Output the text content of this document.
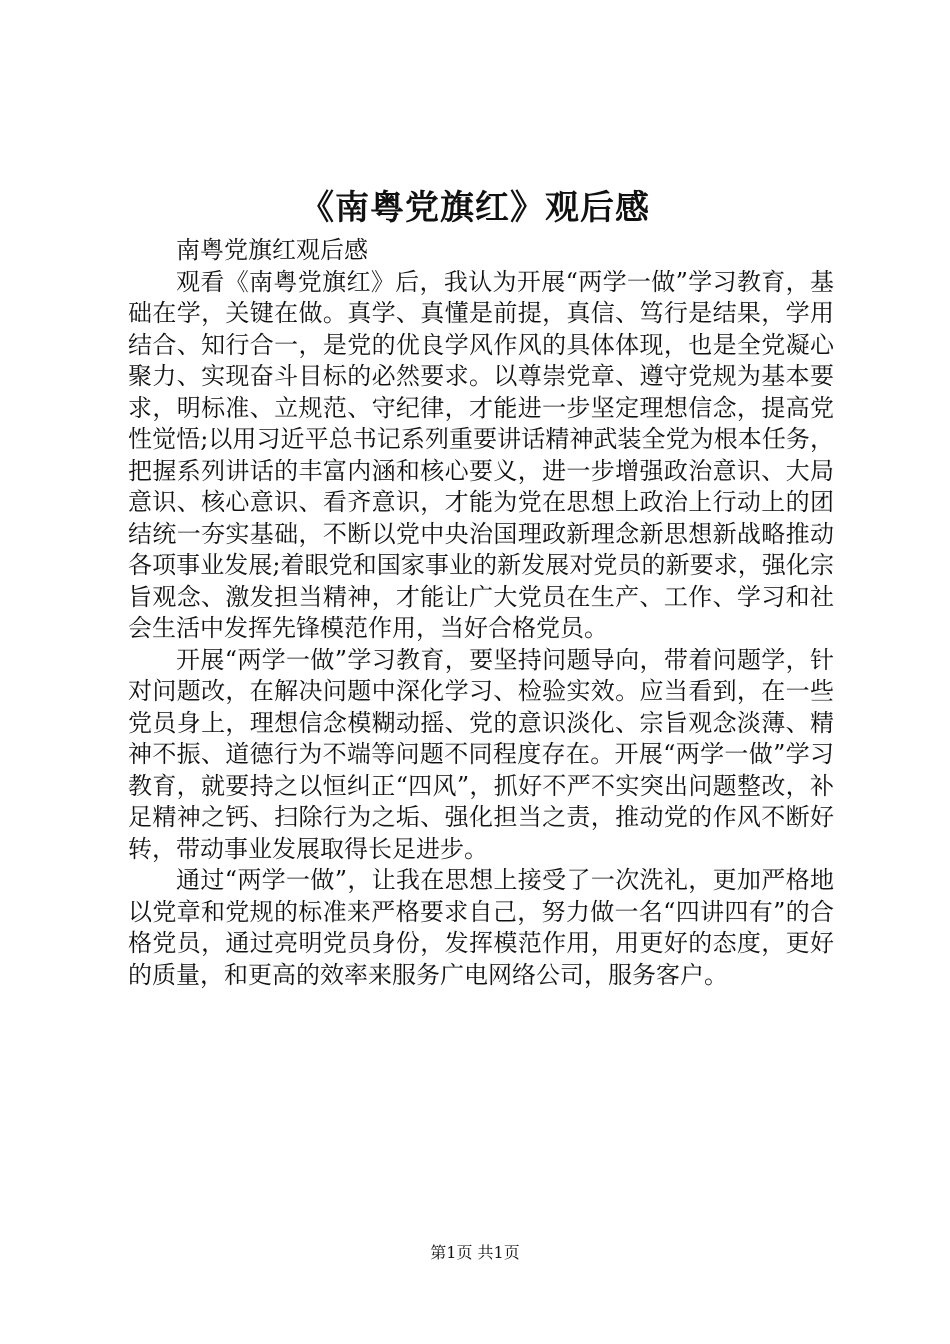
《南粤党旗红》观后感

南粤党旗红观后感

观看《南粤党旗红》后，我认为开展“两学一做”学习教育，基础在学，关键在做。真学、真懂是前提，真信、笃行是结果，学用结合、知行合一，是党的优良学风作风的具体体现，也是全党凝心聚力、实现奋斗目标的必然要求。以尊崇党章、遵守党规为基本要求，明标准、立规范、守纪律，才能进一步坚定理想信念，提高党性觉悟;以用习近平总书记系列重要讲话精神武装全党为根本任务，把握系列讲话的丰富内涵和核心要义，进一步增强政治意识、大局意识、核心意识、看齐意识，才能为党在思想上政治上行动上的团结统一夯实基础，不断以党中央治国理政新理念新思想新战略推动各项事业发展;着眼党和国家事业的新发展对党员的新要求，强化宗旨观念、激发担当精神，才能让广大党员在生产、工作、学习和社会生活中发挥先锋模范作用，当好合格党员。

开展“两学一做”学习教育，要坚持问题导向，带着问题学，针对问题改，在解决问题中深化学习、检验实效。应当看到，在一些党员身上，理想信念模糊动摇、党的意识淡化、宗旨观念淡薄、精神不振、道德行为不端等问题不同程度存在。开展“两学一做”学习教育，就要持之以恒纠正“四风”，抓好不严不实突出问题整改，补足精神之钙、扫除行为之垢、强化担当之责，推动党的作风不断好转，带动事业发展取得长足进步。

通过“两学一做”，让我在思想上接受了一次洗礼，更加严格地以党章和党规的标准来严格要求自己，努力做一名“四讲四有”的合格党员，通过亮明党员身份，发挥模范作用，用更好的态度，更好的质量，和更高的效率来服务广电网络公司，服务客户。

第1页 共1页
